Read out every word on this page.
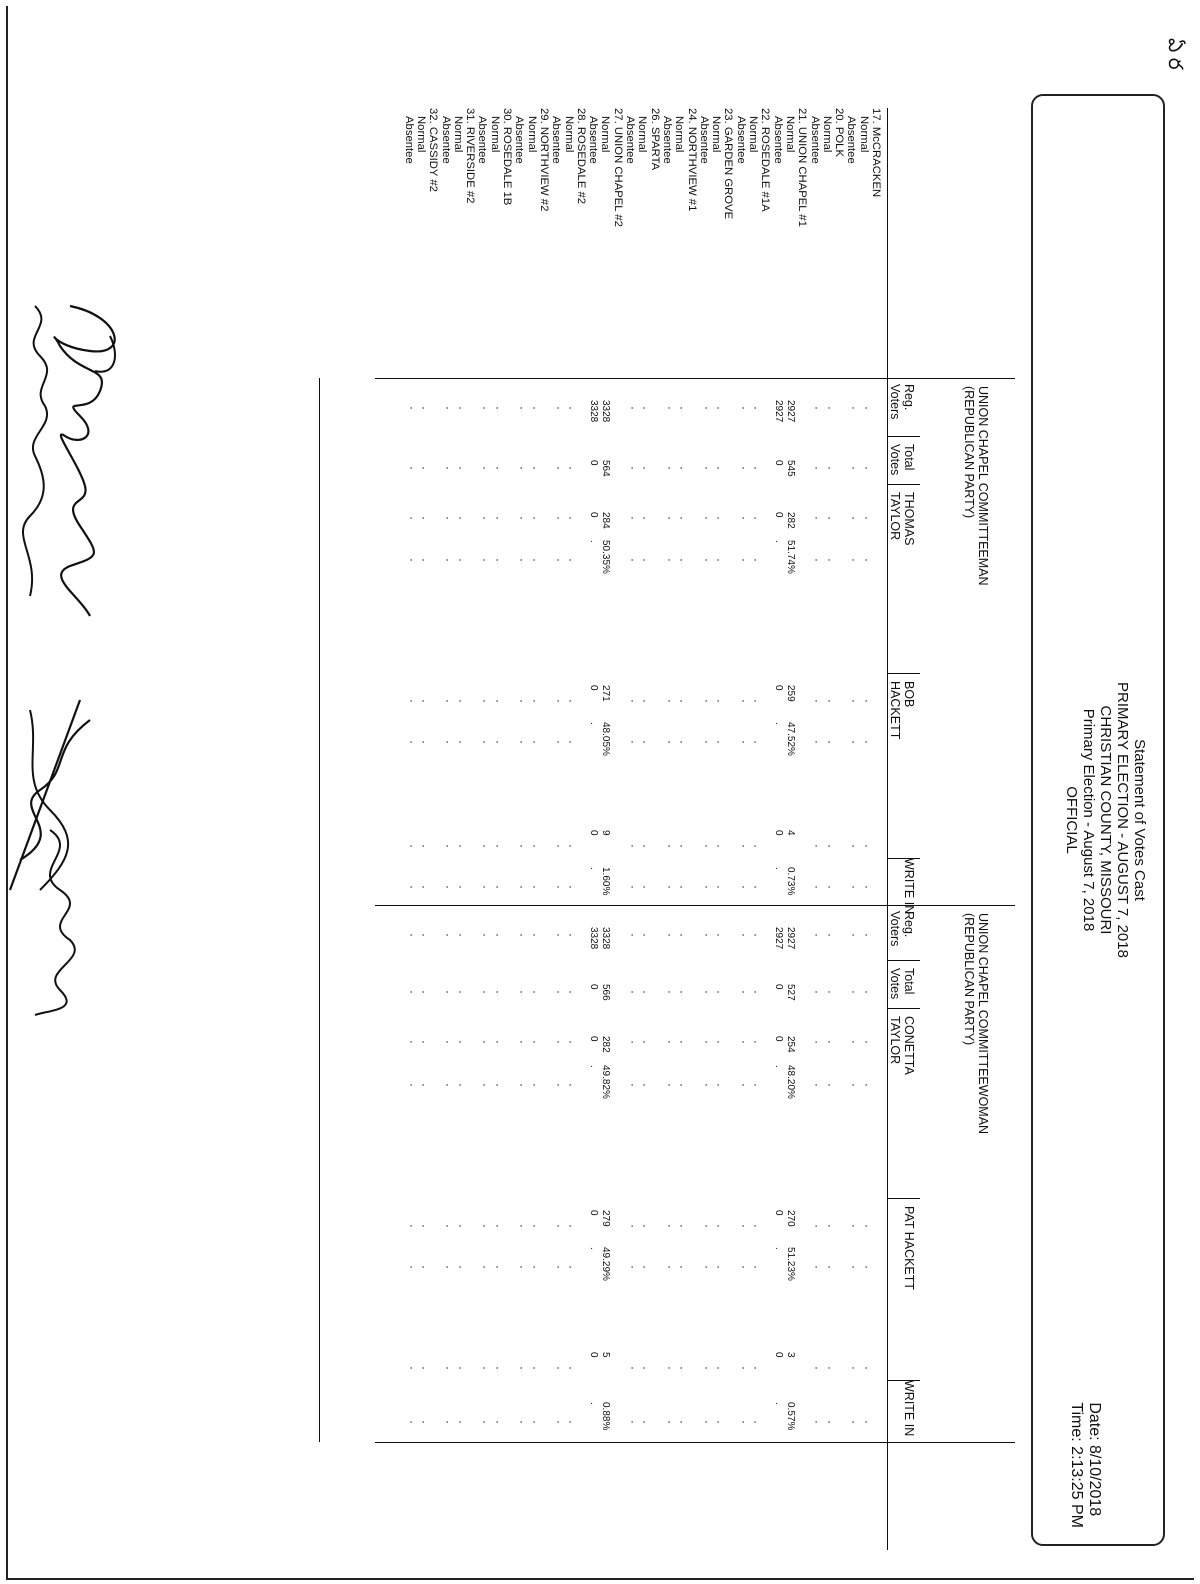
ఏ ర
Statement of Votes Cast
PRIMARY ELECTION - AUGUST 7, 2018
CHRISTIAN COUNTY, MISSOURI
Primary Election - August 7, 2018
OFFICIAL
Date: 8/10/2018
Time: 2:13:25 PM
17. McCRACKEN
Normal
Absentee
20. POLK
Normal
Absentee
21. UNION CHAPEL #1
Normal
Absentee
22. ROSEDALE #1A
Normal
Absentee
23. GARDEN GROVE
Normal
Absentee
24. NORTHVIEW #1
Normal
Absentee
26. SPARTA
Normal
Absentee
27. UNION CHAPEL #2
Normal
Absentee
28. ROSEDALE #2
Normal
Absentee
29. NORTHVIEW #2
Normal
Absentee
30. ROSEDALE 1B
Normal
Absentee
31. RIVERSIDE #2
Normal
Absentee
32. CASSIDY #2
Normal
Absentee
UNION CHAPEL COMMITTEEMAN
(REPUBLICAN PARTY)
Reg.
Voters
Total
Votes
THOMAS
TAYLOR
BOB
HACKETT
WRITE IN
·
·
·
·
·
·
·
·
·
·
·
·
·
·
·
·
·
·
·
·
·
·
·
·
·
·
·
·
·
·
·
·
2927
545
282
51.74%
259
47.52%
4
0.73%
2927
0
0
.
0
.
0
.
·
·
·
·
·
·
·
·
·
·
·
·
·
·
·
·
·
·
·
·
·
·
·
·
·
·
·
·
·
·
·
·
·
·
·
·
·
·
·
·
·
·
·
·
·
·
·
·
·
·
·
·
·
·
·
·
·
·
·
·
·
·
·
·
3328
564
284
50.35%
271
48.05%
9
1.60%
3328
0
0
.
0
.
0
.
·
·
·
·
·
·
·
·
·
·
·
·
·
·
·
·
·
·
·
·
·
·
·
·
·
·
·
·
·
·
·
·
·
·
·
·
·
·
·
·
·
·
·
·
·
·
·
·
·
·
·
·
·
·
·
·
·
·
·
·
·
·
·
·
·
·
·
·
·
·
·
·
·
·
·
·
·
·
·
·
UNION CHAPEL COMMITTEEWOMAN
(REPUBLICAN PARTY)
Reg.
Voters
Total
Votes
CONETTA
TAYLOR
PAT HACKETT
WRITE IN
·
·
·
·
·
·
·
·
·
·
·
·
·
·
·
·
·
·
·
·
·
·
·
·
·
·
·
·
·
·
·
·
2927
527
254
48.20%
270
51.23%
3
0.57%
2927
0
0
.
0
.
0
.
·
·
·
·
·
·
·
·
·
·
·
·
·
·
·
·
·
·
·
·
·
·
·
·
·
·
·
·
·
·
·
·
·
·
·
·
·
·
·
·
·
·
·
·
·
·
·
·
·
·
·
·
·
·
·
·
·
·
·
·
·
·
·
·
3328
566
282
49.82%
279
49.29%
5
0.88%
3328
0
0
.
0
.
0
.
·
·
·
·
·
·
·
·
·
·
·
·
·
·
·
·
·
·
·
·
·
·
·
·
·
·
·
·
·
·
·
·
·
·
·
·
·
·
·
·
·
·
·
·
·
·
·
·
·
·
·
·
·
·
·
·
·
·
·
·
·
·
·
·
·
·
·
·
·
·
·
·
·
·
·
·
·
·
·
·
